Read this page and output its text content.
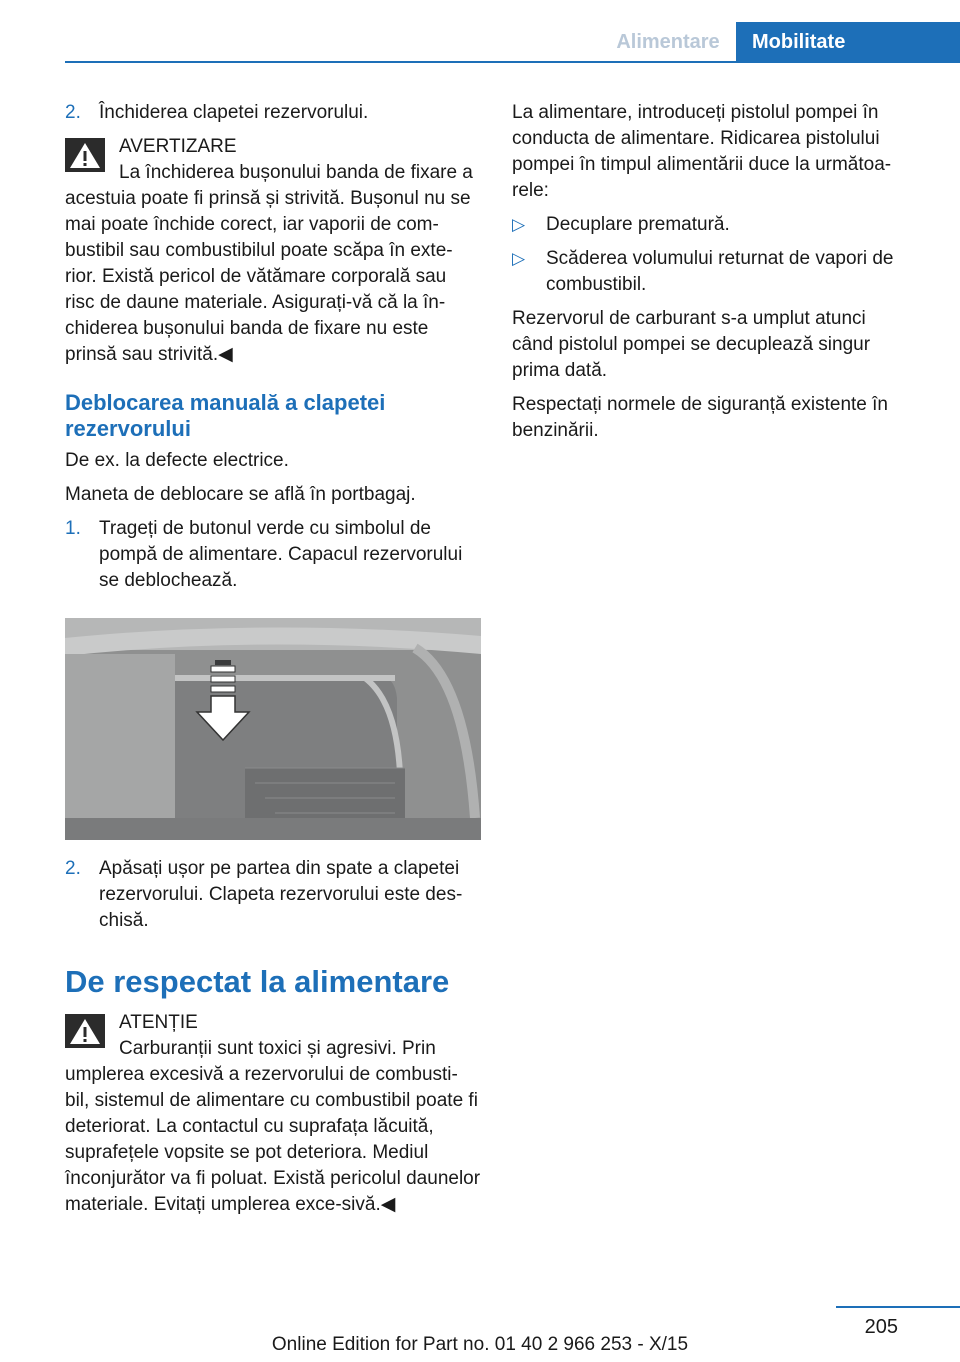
Alimentare	Mobilitate
2. Închiderea clapetei rezervorului.
AVERTIZARE
La închiderea bușonului banda de fixare a acestuia poate fi prinsă și strivită. Bușonul nu se mai poate închide corect, iar vaporii de com‐bustibil sau combustibilul poate scăpa în exte‐rior. Există pericol de vătămare corporală sau risc de daune materiale. Asigurați-vă că la în‐chiderea bușonului banda de fixare nu este prinsă sau strivită.◀
Deblocarea manuală a clapetei rezervorului

De ex. la defecte electrice.

Maneta de deblocare se află în portbagaj.

1. Trageți de butonul verde cu simbolul de pompă de alimentare. Capacul rezervorului se deblochează.
2. Apăsați ușor pe partea din spate a clapetei rezervorului. Clapeta rezervorului este des‐chisă.
De respectat la alimentare
ATENȚIE
Carburanții sunt toxici și agresivi. Prin umplerea excesivă a rezervorului de combusti‐bil, sistemul de alimentare cu combustibil poate fi deteriorat. La contactul cu suprafața lăcuită, suprafețele vopsite se pot deteriora. Mediul înconjurător va fi poluat. Există pericolul daunelor materiale. Evitați umplerea exce‐sivă.◀

La alimentare, introduceți pistolul pompei în conducta de alimentare. Ridicarea pistolului pompei în timpul alimentării duce la următoa‐rele:

▷ Decuplare prematură.
▷ Scăderea volumului returnat de vapori de combustibil.

Rezervorul de carburant s-a umplut atunci când pistolul pompei se decuplează singur prima dată.

Respectați normele de siguranță existente în benzinării.

205
Online Edition for Part no. 01 40 2 966 253 - X/15
